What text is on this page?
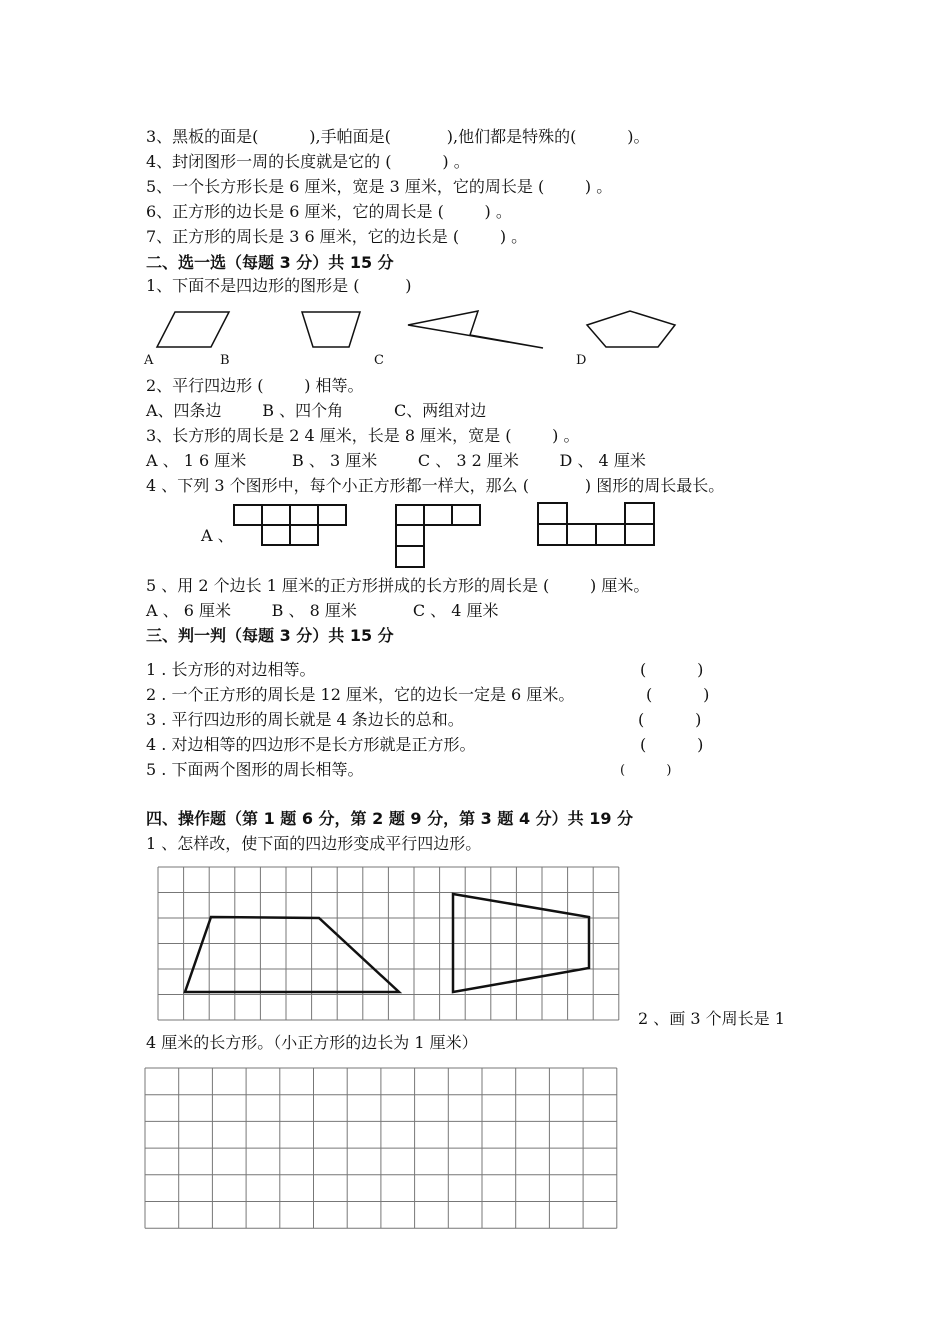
3、黑板的面是(          ),手帕面是(           ),他们都是特殊的(          )。
4、封闭图形一周的长度就是它的 (          ) 。
5、一个长方形长是 6 厘米，宽是 3 厘米，它的周长是 (        ) 。
6、正方形的边长是 6 厘米，它的周长是 (        ) 。
7、正方形的周长是 3 6 厘米，它的边长是 (        ) 。
二、选一选（每题 3 分）共 15 分
1、下面不是四边形的图形是 (         )
A	B	C	D
2、平行四边形 (        ) 相等。
A、四条边        B 、四个角          C、两组对边
3、长方形的周长是 2 4 厘米，长是 8 厘米，宽是 (        ) 。
A 、 1 6 厘米         B 、 3 厘米        C 、 3 2 厘米        D 、 4 厘米
4 、下列 3 个图形中，每个小正方形都一样大，那么 (           ) 图形的周长最长。
A 、
5 、用 2 个边长 1 厘米的正方形拼成的长方形的周长是 (        ) 厘米。
A 、 6 厘米        B 、 8 厘米           C 、 4 厘米
三、判一判（每题 3 分）共 15 分
1 . 长方形的对边相等。	(          )
2 . 一个正方形的周长是 12 厘米，它的边长一定是 6 厘米。	(          )
3 . 平行四边形的周长就是 4 条边长的总和。	(          )
4 . 对边相等的四边形不是长方形就是正方形。	(          )
5 . 下面两个图形的周长相等。	(          )
四、操作题（第 1 题 6 分，第 2 题 9 分，第 3 题 4 分）共 19 分
1 、怎样改，使下面的四边形变成平行四边形。
2 、画 3 个周长是 1
4 厘米的长方形。（小正方形的边长为 1 厘米）
